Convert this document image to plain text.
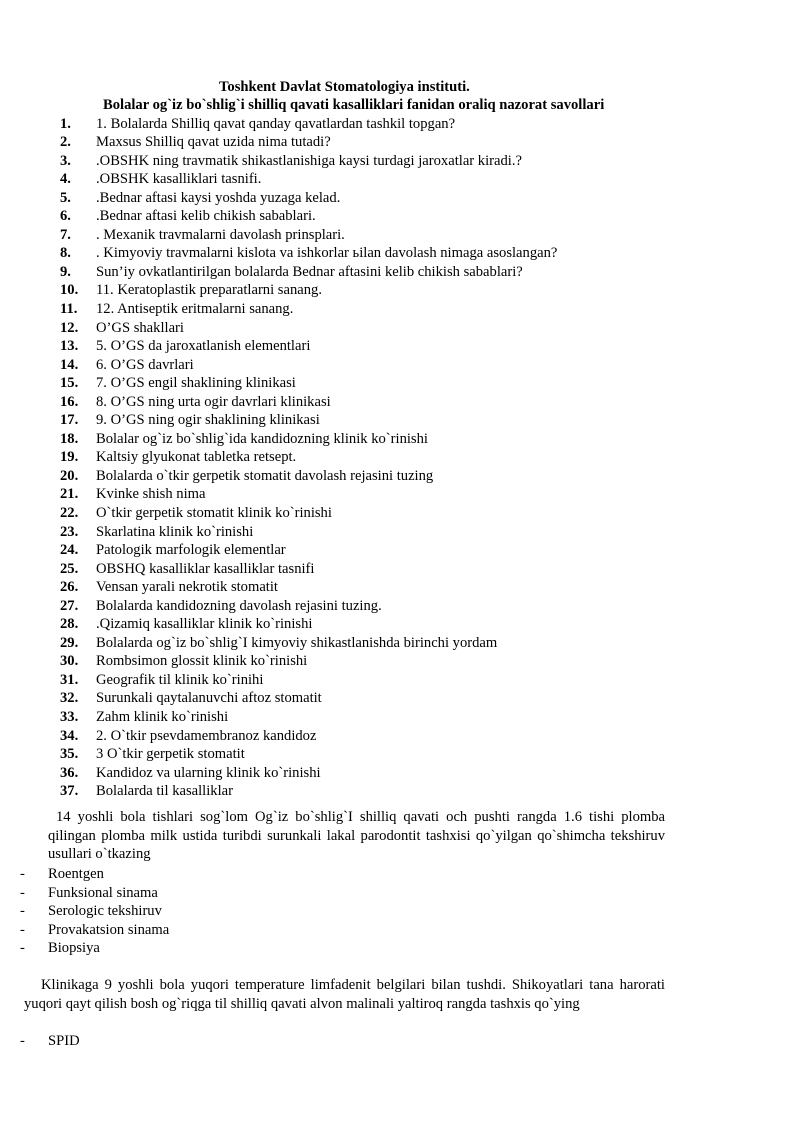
Toshkent Davlat Stomatologiya instituti.
Bolalar og`iz bo`shlig`i shilliq qavati kasalliklari fanidan oraliq nazorat savollari
1. 1. Bolalarda Shilliq qavat qanday qavatlardan tashkil topgan?
2. Maxsus Shilliq qavat uzida nima tutadi?
3. .OBSHK ning travmatik shikastlanishiga kaysi turdagi jaroxatlar kiradi.?
4. .OBSHK kasalliklari tasnifi.
5. .Bednar aftasi kaysi yoshda yuzaga kelad.
6. .Bednar aftasi kelib chikish sabablari.
7. . Mexanik travmalarni davolash prinsplari.
8. . Kimyoviy travmalarni kislota va ishkorlar ьilan davolash nimaga asoslangan?
9. Sun’iy ovkatlantirilgan bolalarda Bednar aftasini kelib chikish sabablari?
10. 11. Keratoplastik preparatlarni sanang.
11. 12. Antiseptik eritmalarni sanang.
12. O’GS shakllari
13. 5. O’GS da jaroxatlanish elementlari
14. 6. O’GS davrlari
15. 7. O’GS engil shaklining klinikasi
16. 8. O’GS ning urta ogir davrlari klinikasi
17. 9. O’GS ning ogir shaklining klinikasi
18. Bolalar og`iz bo`shlig`ida kandidozning klinik ko`rinishi
19. Kaltsiy glyukonat tabletka retsept.
20. Bolalarda o`tkir gerpetik stomatit davolash rejasini tuzing
21. Kvinke shish nima
22. O`tkir gerpetik stomatit klinik ko`rinishi
23. Skarlatina klinik ko`rinishi
24. Patologik marfologik elementlar
25. OBSHQ kasalliklar kasalliklar tasnifi
26. Vensan yarali nekrotik stomatit
27. Bolalarda kandidozning davolash rejasini tuzing.
28. .Qizamiq kasalliklar klinik ko`rinishi
29. Bolalarda og`iz bo`shlig`I kimyoviy shikastlanishda birinchi yordam
30. Rombsimon glossit klinik ko`rinishi
31. Geografik til klinik ko`rinihi
32. Surunkali qaytalanuvchi aftoz stomatit
33. Zahm klinik ko`rinishi
34. 2. O`tkir psevdamembranoz kandidoz
35. 3 O`tkir gerpetik stomatit
36. Kandidoz va ularning klinik ko`rinishi
37. Bolalarda til kasalliklar
14 yoshli bola tishlari sog`lom Og`iz bo`shlig`I shilliq qavati och pushti rangda 1.6 tishi plomba qilingan plomba milk ustida turibdi surunkali lakal parodontit tashxisi qo`yilgan qo`shimcha tekshiruv usullari o`tkazing
- Roentgen
- Funksional sinama
- Serologic tekshiruv
- Provakatsion sinama
- Biopsiya
Klinikaga 9 yoshli bola yuqori temperature limfadenit belgilari bilan tushdi. Shikoyatlari tana harorati yuqori qayt qilish bosh og`riqga til shilliq qavati alvon malinali yaltiroq rangda tashxis qo`ying
- SPID
